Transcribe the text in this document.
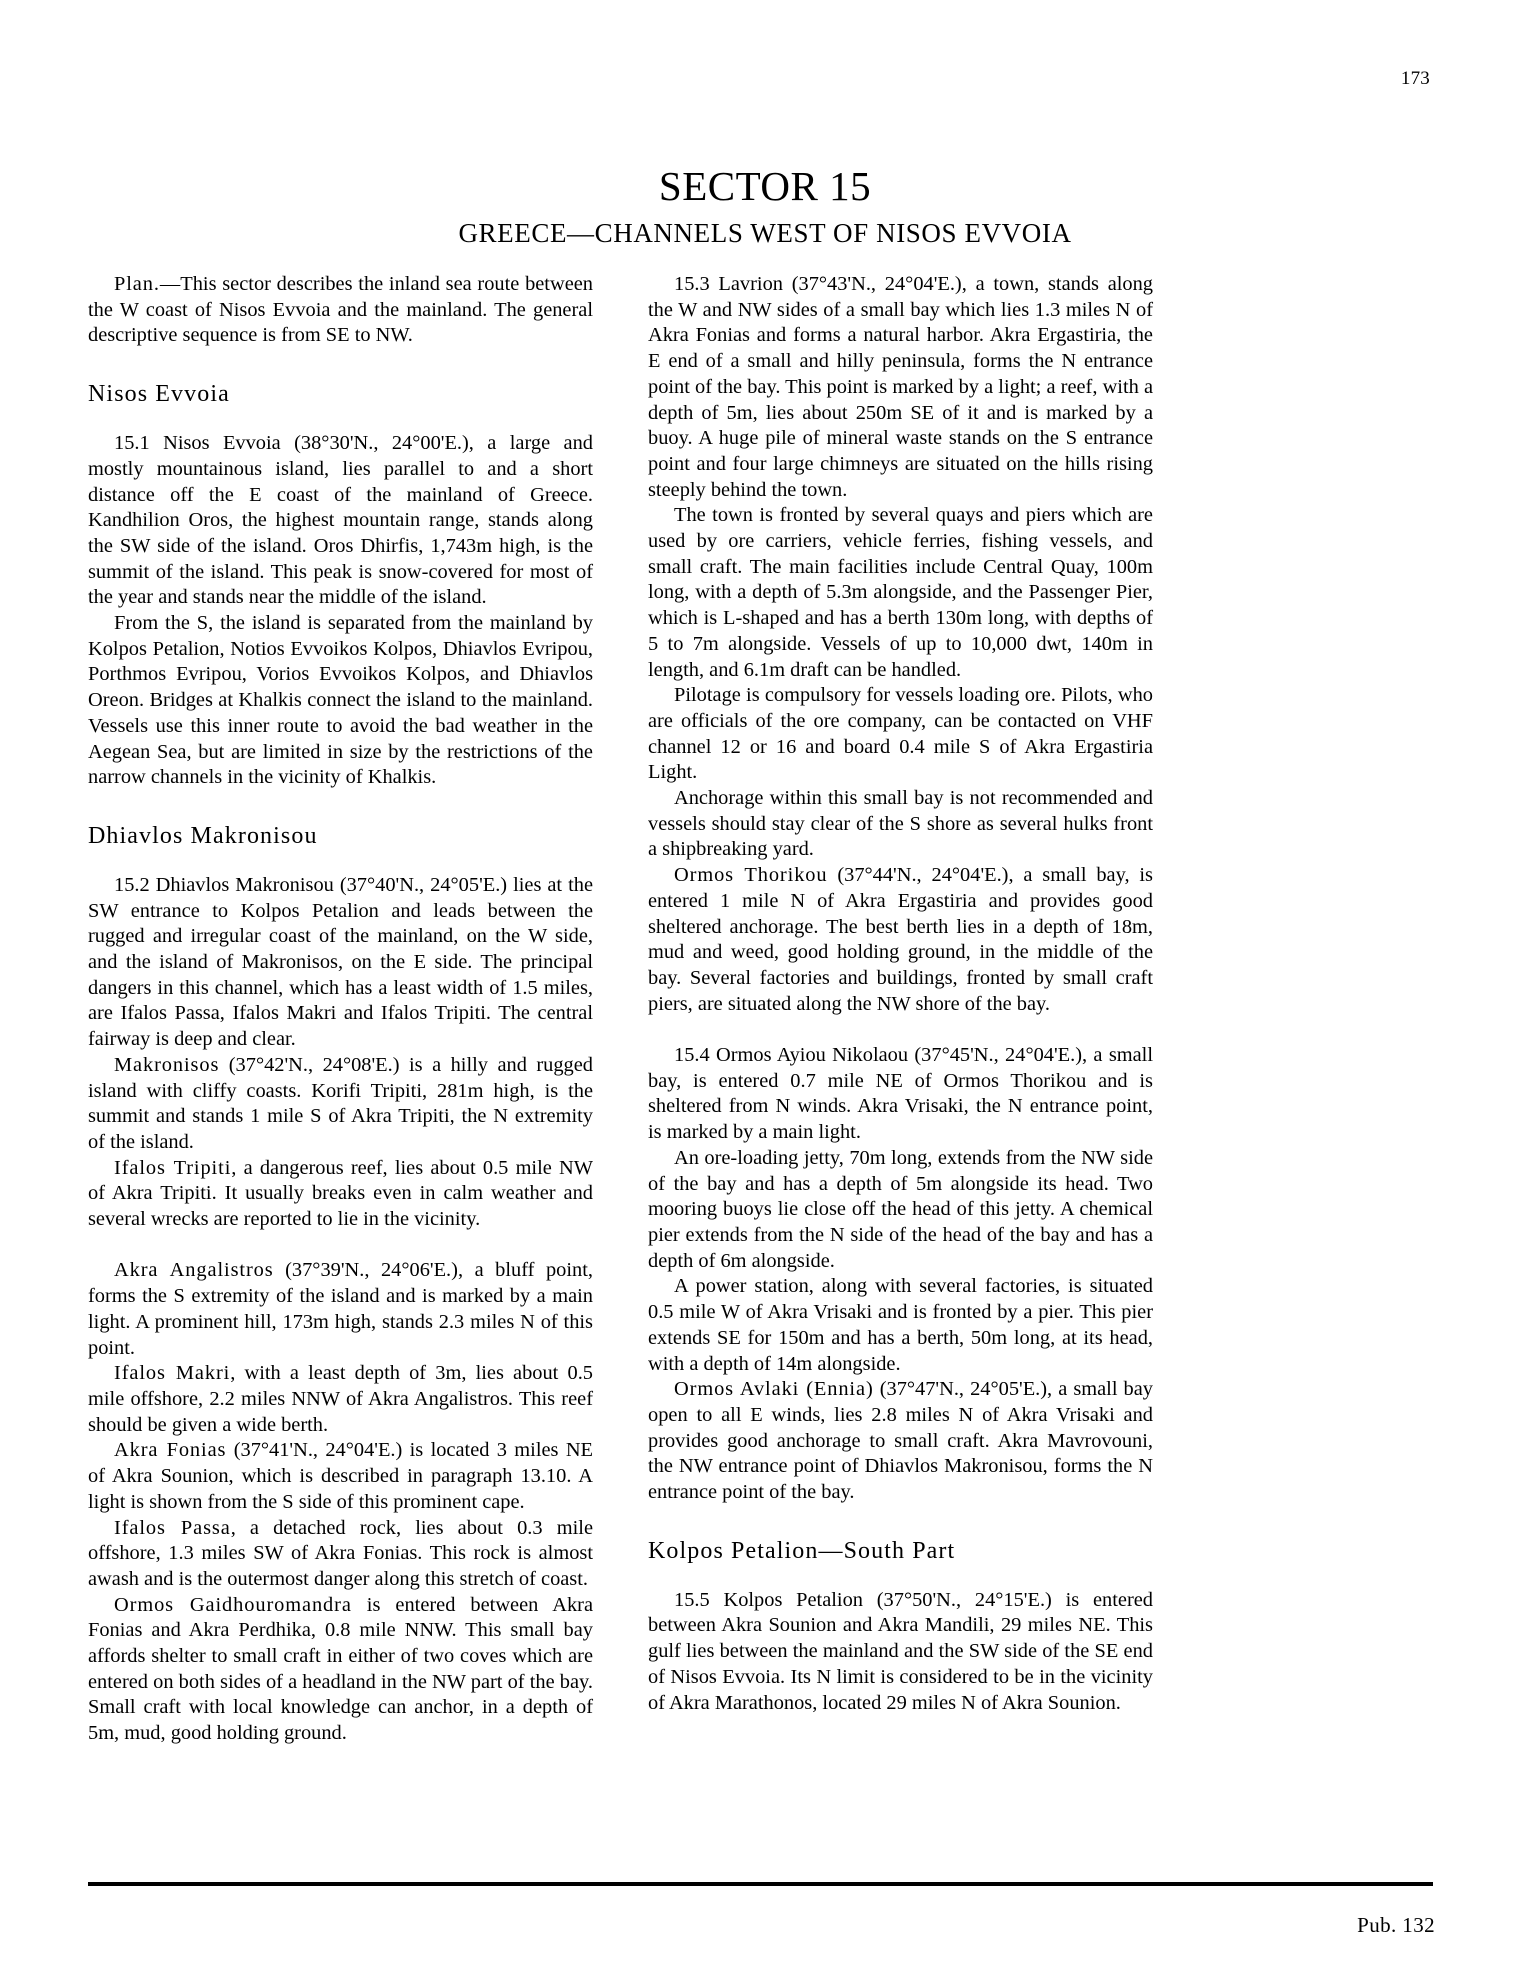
173
SECTOR 15
GREECE—CHANNELS WEST OF NISOS EVVOIA

Plan.—This sector describes the inland sea route between the W coast of Nisos Evvoia and the mainland. The general descriptive sequence is from SE to NW.

Nisos Evvoia

15.1 Nisos Evvoia (38°30'N., 24°00'E.), a large and mostly mountainous island, lies parallel to and a short distance off the E coast of the mainland of Greece. Kandhilion Oros, the highest mountain range, stands along the SW side of the island. Oros Dhirfis, 1,743m high, is the summit of the island. This peak is snow-covered for most of the year and stands near the middle of the island.

From the S, the island is separated from the mainland by Kolpos Petalion, Notios Evvoikos Kolpos, Dhiavlos Evripou, Porthmos Evripou, Vorios Evvoikos Kolpos, and Dhiavlos Oreon. Bridges at Khalkis connect the island to the mainland. Vessels use this inner route to avoid the bad weather in the Aegean Sea, but are limited in size by the restrictions of the narrow channels in the vicinity of Khalkis.

Dhiavlos Makronisou

15.2 Dhiavlos Makronisou (37°40'N., 24°05'E.) lies at the SW entrance to Kolpos Petalion and leads between the rugged and irregular coast of the mainland, on the W side, and the island of Makronisos, on the E side. The principal dangers in this channel, which has a least width of 1.5 miles, are Ifalos Passa, Ifalos Makri and Ifalos Tripiti. The central fairway is deep and clear.

Makronisos (37°42'N., 24°08'E.) is a hilly and rugged island with cliffy coasts. Korifi Tripiti, 281m high, is the summit and stands 1 mile S of Akra Tripiti, the N extremity of the island.

Ifalos Tripiti, a dangerous reef, lies about 0.5 mile NW of Akra Tripiti. It usually breaks even in calm weather and several wrecks are reported to lie in the vicinity.

Akra Angalistros (37°39'N., 24°06'E.), a bluff point, forms the S extremity of the island and is marked by a main light. A prominent hill, 173m high, stands 2.3 miles N of this point.

Ifalos Makri, with a least depth of 3m, lies about 0.5 mile offshore, 2.2 miles NNW of Akra Angalistros. This reef should be given a wide berth.

Akra Fonias (37°41'N., 24°04'E.) is located 3 miles NE of Akra Sounion, which is described in paragraph 13.10. A light is shown from the S side of this prominent cape.

Ifalos Passa, a detached rock, lies about 0.3 mile offshore, 1.3 miles SW of Akra Fonias. This rock is almost awash and is the outermost danger along this stretch of coast.

Ormos Gaidhouromandra is entered between Akra Fonias and Akra Perdhika, 0.8 mile NNW. This small bay affords shelter to small craft in either of two coves which are entered on both sides of a headland in the NW part of the bay. Small craft with local knowledge can anchor, in a depth of 5m, mud, good holding ground.

15.3 Lavrion (37°43'N., 24°04'E.), a town, stands along the W and NW sides of a small bay which lies 1.3 miles N of Akra Fonias and forms a natural harbor. Akra Ergastiria, the E end of a small and hilly peninsula, forms the N entrance point of the bay. This point is marked by a light; a reef, with a depth of 5m, lies about 250m SE of it and is marked by a buoy. A huge pile of mineral waste stands on the S entrance point and four large chimneys are situated on the hills rising steeply behind the town.

The town is fronted by several quays and piers which are used by ore carriers, vehicle ferries, fishing vessels, and small craft. The main facilities include Central Quay, 100m long, with a depth of 5.3m alongside, and the Passenger Pier, which is L-shaped and has a berth 130m long, with depths of 5 to 7m alongside. Vessels of up to 10,000 dwt, 140m in length, and 6.1m draft can be handled.

Pilotage is compulsory for vessels loading ore. Pilots, who are officials of the ore company, can be contacted on VHF channel 12 or 16 and board 0.4 mile S of Akra Ergastiria Light.

Anchorage within this small bay is not recommended and vessels should stay clear of the S shore as several hulks front a shipbreaking yard.

Ormos Thorikou (37°44'N., 24°04'E.), a small bay, is entered 1 mile N of Akra Ergastiria and provides good sheltered anchorage. The best berth lies in a depth of 18m, mud and weed, good holding ground, in the middle of the bay. Several factories and buildings, fronted by small craft piers, are situated along the NW shore of the bay.

15.4 Ormos Ayiou Nikolaou (37°45'N., 24°04'E.), a small bay, is entered 0.7 mile NE of Ormos Thorikou and is sheltered from N winds. Akra Vrisaki, the N entrance point, is marked by a main light.

An ore-loading jetty, 70m long, extends from the NW side of the bay and has a depth of 5m alongside its head. Two mooring buoys lie close off the head of this jetty. A chemical pier extends from the N side of the head of the bay and has a depth of 6m alongside.

A power station, along with several factories, is situated 0.5 mile W of Akra Vrisaki and is fronted by a pier. This pier extends SE for 150m and has a berth, 50m long, at its head, with a depth of 14m alongside.

Ormos Avlaki (Ennia) (37°47'N., 24°05'E.), a small bay open to all E winds, lies 2.8 miles N of Akra Vrisaki and provides good anchorage to small craft. Akra Mavrovouni, the NW entrance point of Dhiavlos Makronisou, forms the N entrance point of the bay.

Kolpos Petalion—South Part

15.5 Kolpos Petalion (37°50'N., 24°15'E.) is entered between Akra Sounion and Akra Mandili, 29 miles NE. This gulf lies between the mainland and the SW side of the SE end of Nisos Evvoia. Its N limit is considered to be in the vicinity of Akra Marathonos, located 29 miles N of Akra Sounion.

Pub. 132
